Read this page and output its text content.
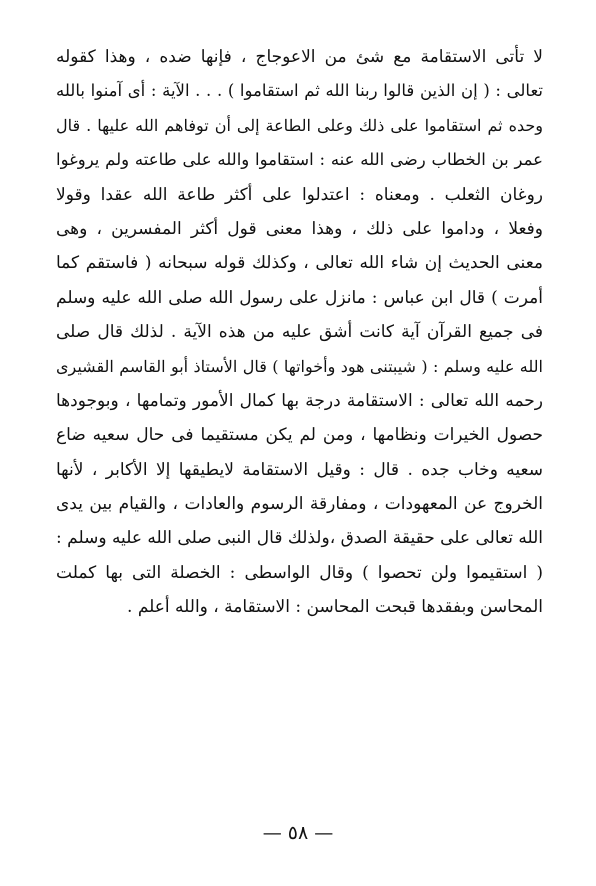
لا تأتى الاستقامة مع شئ من الاعوجاج ، فإنها ضده ، وهذا كقوله
تعالى : ( إن الذين قالوا ربنا الله ثم استقاموا ) . . . الآية : أى آمنوا بالله
وحده ثم استقاموا على ذلك وعلى الطاعة إلى أن توفاهم الله عليها . قال
عمر بن الخطاب رضى الله عنه : استقاموا والله على طاعته ولم يروغوا
روغان الثعلب . ومعناه : اعتدلوا على أكثر طاعة الله عقدا وقولا
وفعلا ، وداموا على ذلك ، وهذا معنى قول أكثر المفسرين ، وهى
معنى الحديث إن شاء الله تعالى ، وكذلك قوله سبحانه ( فاستقم كما
أمرت ) قال ابن عباس : مانزل على رسول الله صلى الله عليه وسلم
فى جميع القرآن آية كانت أشق عليه من هذه الآية . لذلك قال صلى
الله عليه وسلم : ( شيبتنى هود وأخواتها ) قال الأستاذ أبو القاسم القشيرى
رحمه الله تعالى : الاستقامة درجة بها كمال الأمور وتمامها ، وبوجودها
حصول الخيرات ونظامها ، ومن لم يكن مستقيما فى حال سعيه ضاع
سعيه وخاب جده . قال : وقيل الاستقامة لايطيقها إلا الأكابر ، لأنها
الخروج عن المعهودات ، ومفارقة الرسوم والعادات ، والقيام بين يدى
الله تعالى على حقيقة الصدق ،ولذلك قال النبى صلى الله عليه وسلم :
( استقيموا ولن تحصوا ) وقال الواسطى : الخصلة التى بها كملت
المحاسن وبفقدها قبحت المحاسن : الاستقامة ، والله أعلم .
— ٥٨ —
